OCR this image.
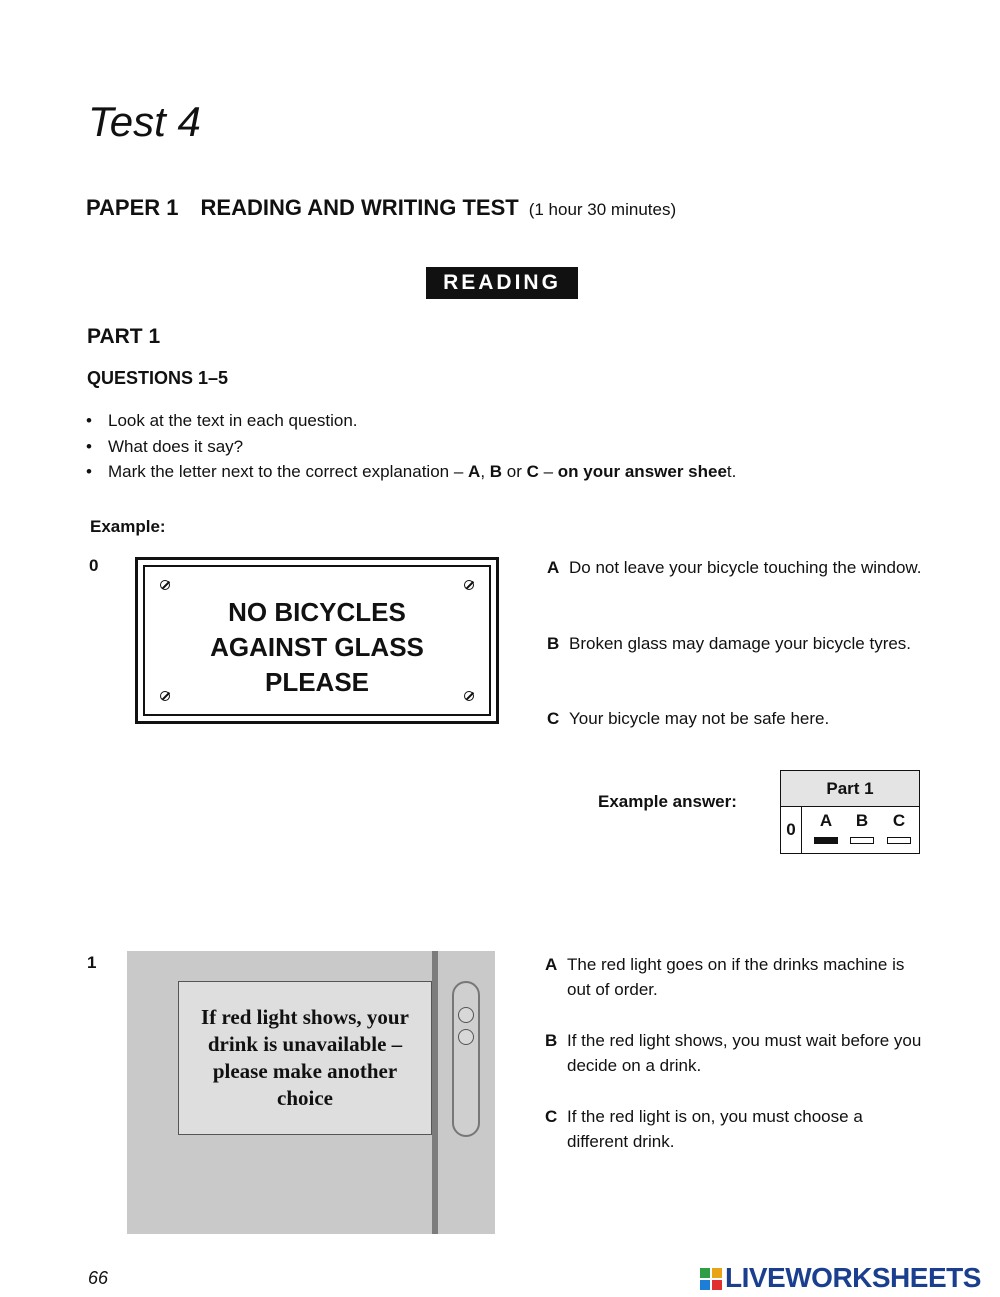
Test 4
PAPER 1 READING AND WRITING TEST (1 hour 30 minutes)
READING
PART 1
QUESTIONS 1–5
• Look at the text in each question.
• What does it say?
• Mark the letter next to the correct explanation – A, B or C – on your answer sheet.
Example:
0
NO BICYCLES
AGAINST GLASS
PLEASE
A Do not leave your bicycle touching the window.
B Broken glass may damage your bicycle tyres.
C Your bicycle may not be safe here.
Example answer:
Part 1
0	A	B	C
1
If red light shows, your
drink is unavailable –
please make another
choice
A The red light goes on if the drinks machine is out of order.
B If the red light shows, you must wait before you decide on a drink.
C If the red light is on, you must choose a different drink.
66	LIVEWORKSHEETS
